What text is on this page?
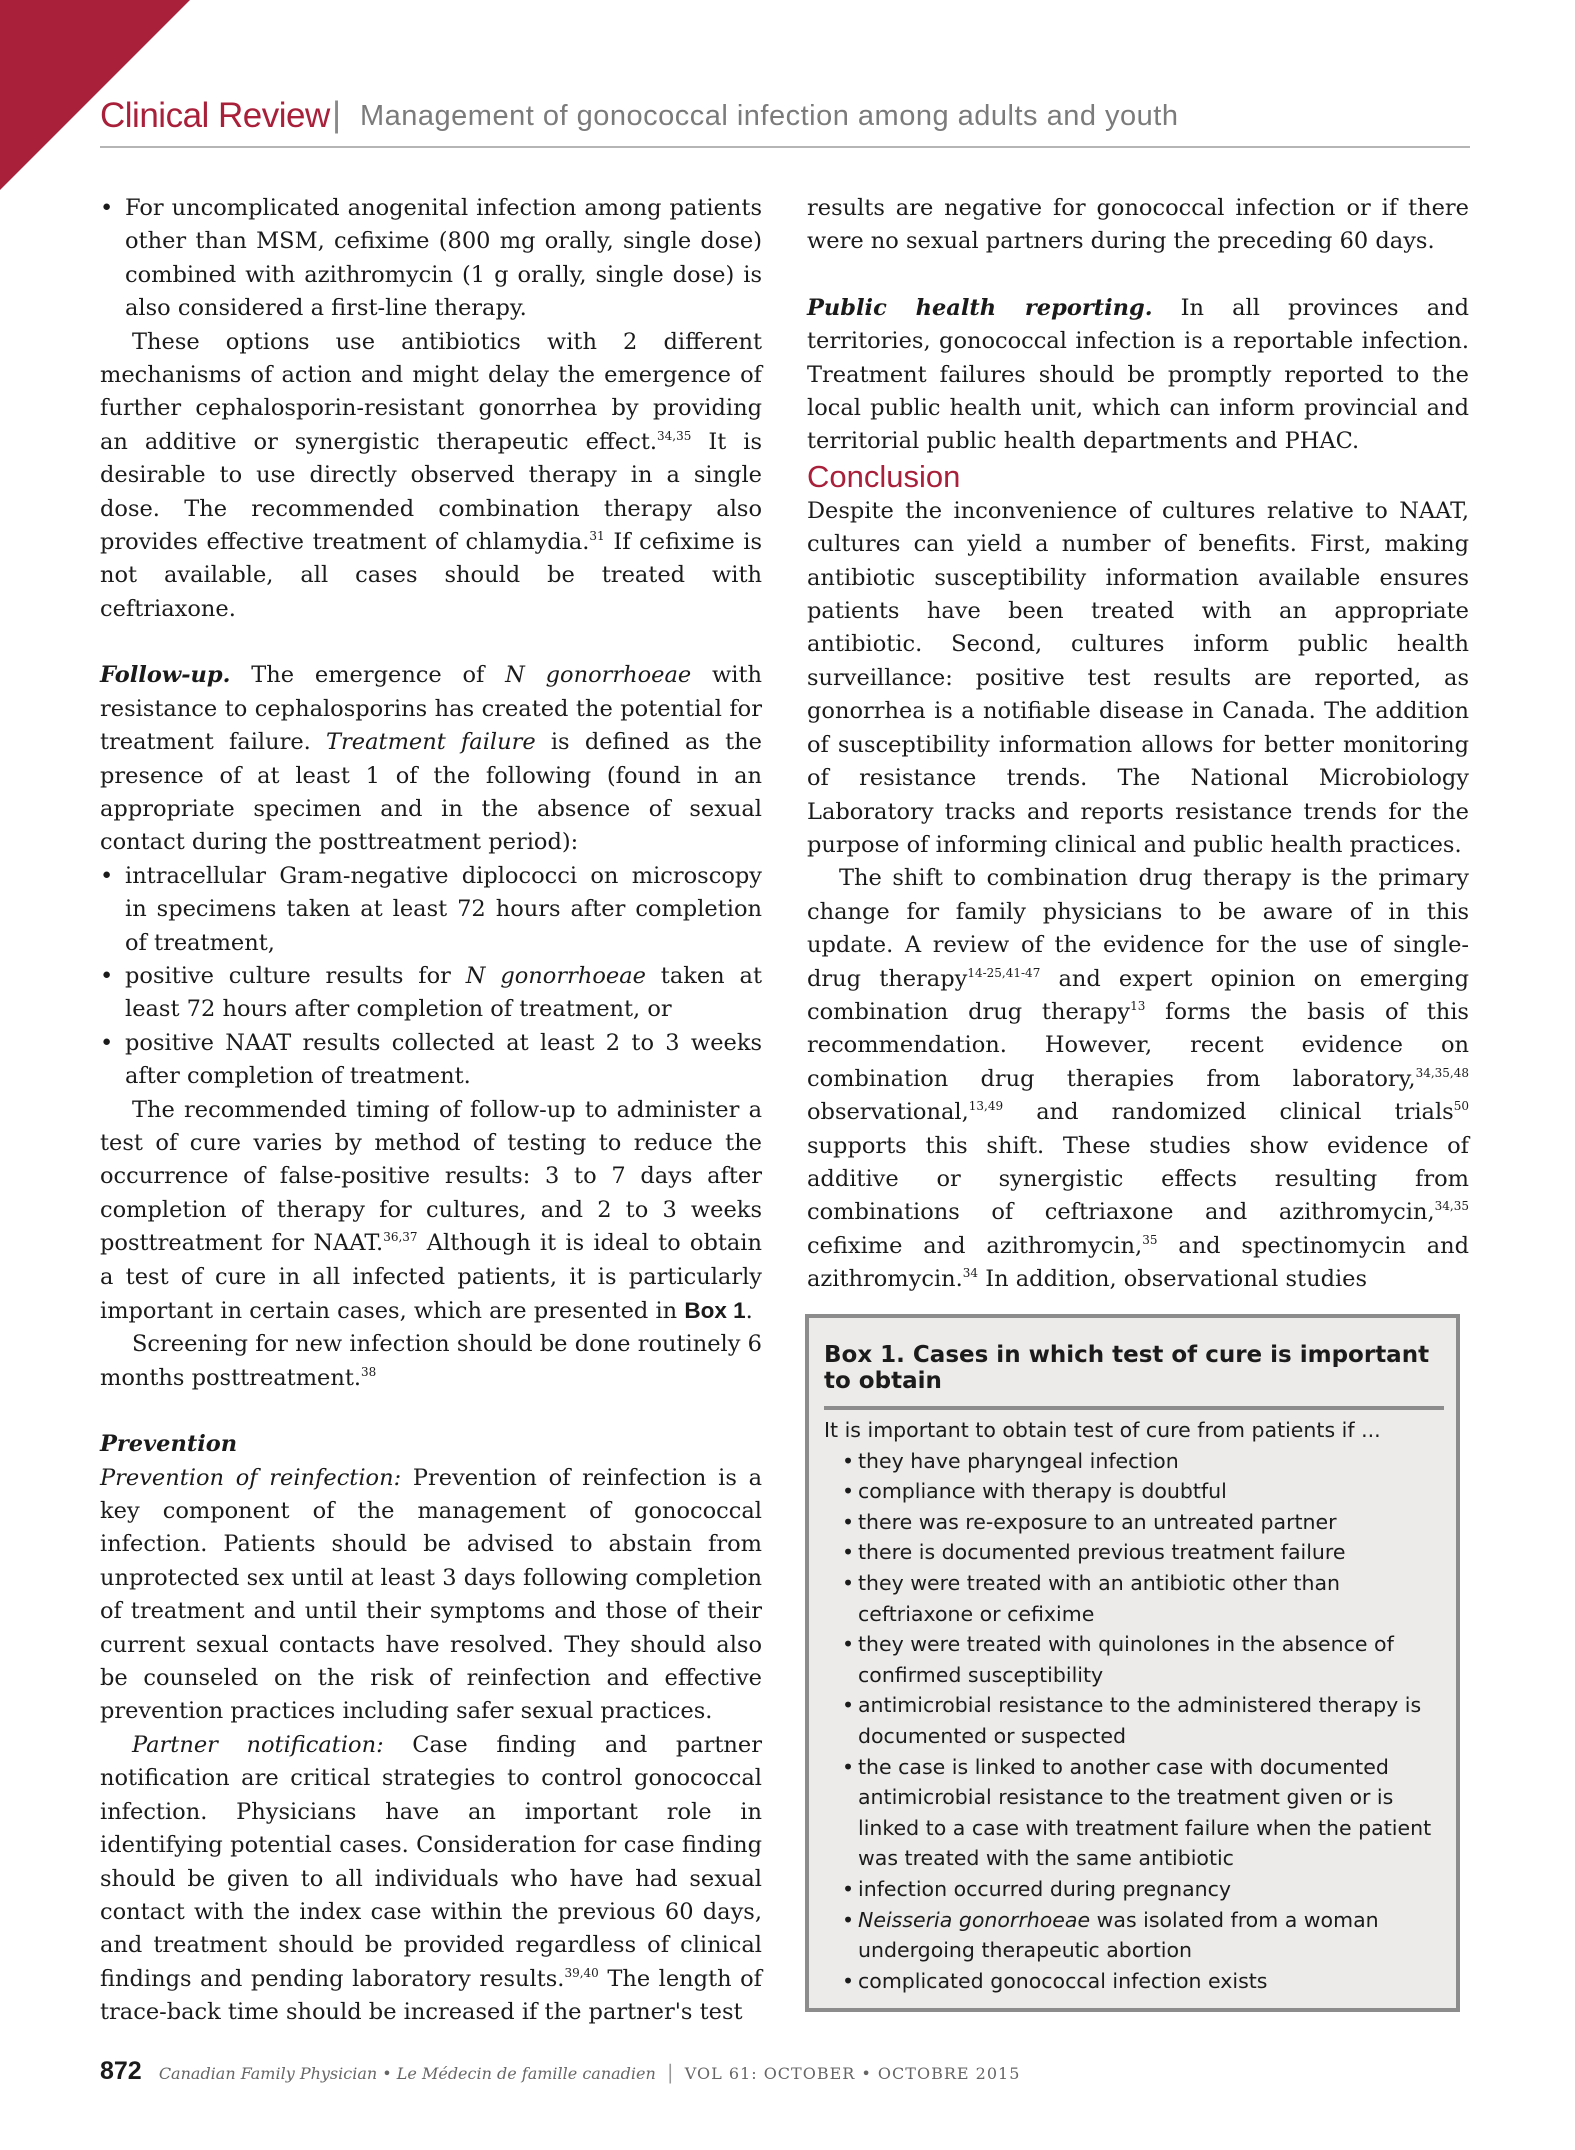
Clinical Review | Management of gonococcal infection among adults and youth

• For uncomplicated anogenital infection among patients other than MSM, cefixime (800 mg orally, single dose) combined with azithromycin (1 g orally, single dose) is also considered a first-line therapy.

These options use antibiotics with 2 different mechanisms of action and might delay the emergence of further cephalosporin-resistant gonorrhea by providing an additive or synergistic therapeutic effect.$^{34,35}$ It is desirable to use directly observed therapy in a single dose. The recommended combination therapy also provides effective treatment of chlamydia.$^{31}$ If cefixime is not available, all cases should be treated with ceftriaxone.

Follow-up. The emergence of N gonorrhoeae with resistance to cephalosporins has created the potential for treatment failure. Treatment failure is defined as the presence of at least 1 of the following (found in an appropriate specimen and in the absence of sexual contact during the posttreatment period):

• intracellular Gram-negative diplococci on microscopy in specimens taken at least 72 hours after completion of treatment,

• positive culture results for N gonorrhoeae taken at least 72 hours after completion of treatment, or

• positive NAAT results collected at least 2 to 3 weeks after completion of treatment.

The recommended timing of follow-up to administer a test of cure varies by method of testing to reduce the occurrence of false-positive results: 3 to 7 days after completion of therapy for cultures, and 2 to 3 weeks posttreatment for NAAT.$^{36,37}$ Although it is ideal to obtain a test of cure in all infected patients, it is particularly important in certain cases, which are presented in Box 1.

Screening for new infection should be done routinely 6 months posttreatment.$^{38}$

Prevention

Prevention of reinfection: Prevention of reinfection is a key component of the management of gonococcal infection. Patients should be advised to abstain from unprotected sex until at least 3 days following completion of treatment and until their symptoms and those of their current sexual contacts have resolved. They should also be counseled on the risk of reinfection and effective prevention practices including safer sexual practices.

Partner notification: Case finding and partner notification are critical strategies to control gonococcal infection. Physicians have an important role in identifying potential cases. Consideration for case finding should be given to all individuals who have had sexual contact with the index case within the previous 60 days, and treatment should be provided regardless of clinical findings and pending laboratory results.$^{39,40}$ The length of trace-back time should be increased if the partner's test

results are negative for gonococcal infection or if there were no sexual partners during the preceding 60 days.

Public health reporting. In all provinces and territories, gonococcal infection is a reportable infection. Treatment failures should be promptly reported to the local public health unit, which can inform provincial and territorial public health departments and PHAC.

Conclusion

Despite the inconvenience of cultures relative to NAAT, cultures can yield a number of benefits. First, making antibiotic susceptibility information available ensures patients have been treated with an appropriate antibiotic. Second, cultures inform public health surveillance: positive test results are reported, as gonorrhea is a notifiable disease in Canada. The addition of susceptibility information allows for better monitoring of resistance trends. The National Microbiology Laboratory tracks and reports resistance trends for the purpose of informing clinical and public health practices.

The shift to combination drug therapy is the primary change for family physicians to be aware of in this update. A review of the evidence for the use of single-drug therapy$^{14-25,41-47}$ and expert opinion on emerging combination drug therapy$^{13}$ forms the basis of this recommendation. However, recent evidence on combination drug therapies from laboratory,$^{34,35,48}$ observational,$^{13,49}$ and randomized clinical trials$^{50}$ supports this shift. These studies show evidence of additive or synergistic effects resulting from combinations of ceftriaxone and azithromycin,$^{34,35}$ cefixime and azithromycin,$^{35}$ and spectinomycin and azithromycin.$^{34}$ In addition, observational studies

Box 1. Cases in which test of cure is important to obtain

It is important to obtain test of cure from patients if ...

• they have pharyngeal infection
• compliance with therapy is doubtful
• there was re-exposure to an untreated partner
• there is documented previous treatment failure
• they were treated with an antibiotic other than ceftriaxone or cefixime
• they were treated with quinolones in the absence of confirmed susceptibility
• antimicrobial resistance to the administered therapy is documented or suspected
• the case is linked to another case with documented antimicrobial resistance to the treatment given or is linked to a case with treatment failure when the patient was treated with the same antibiotic
• infection occurred during pregnancy
• Neisseria gonorrhoeae was isolated from a woman undergoing therapeutic abortion
• complicated gonococcal infection exists
872 Canadian Family Physician • Le Médecin de famille canadien | VOL 61: OCTOBER • OCTOBRE 2015
